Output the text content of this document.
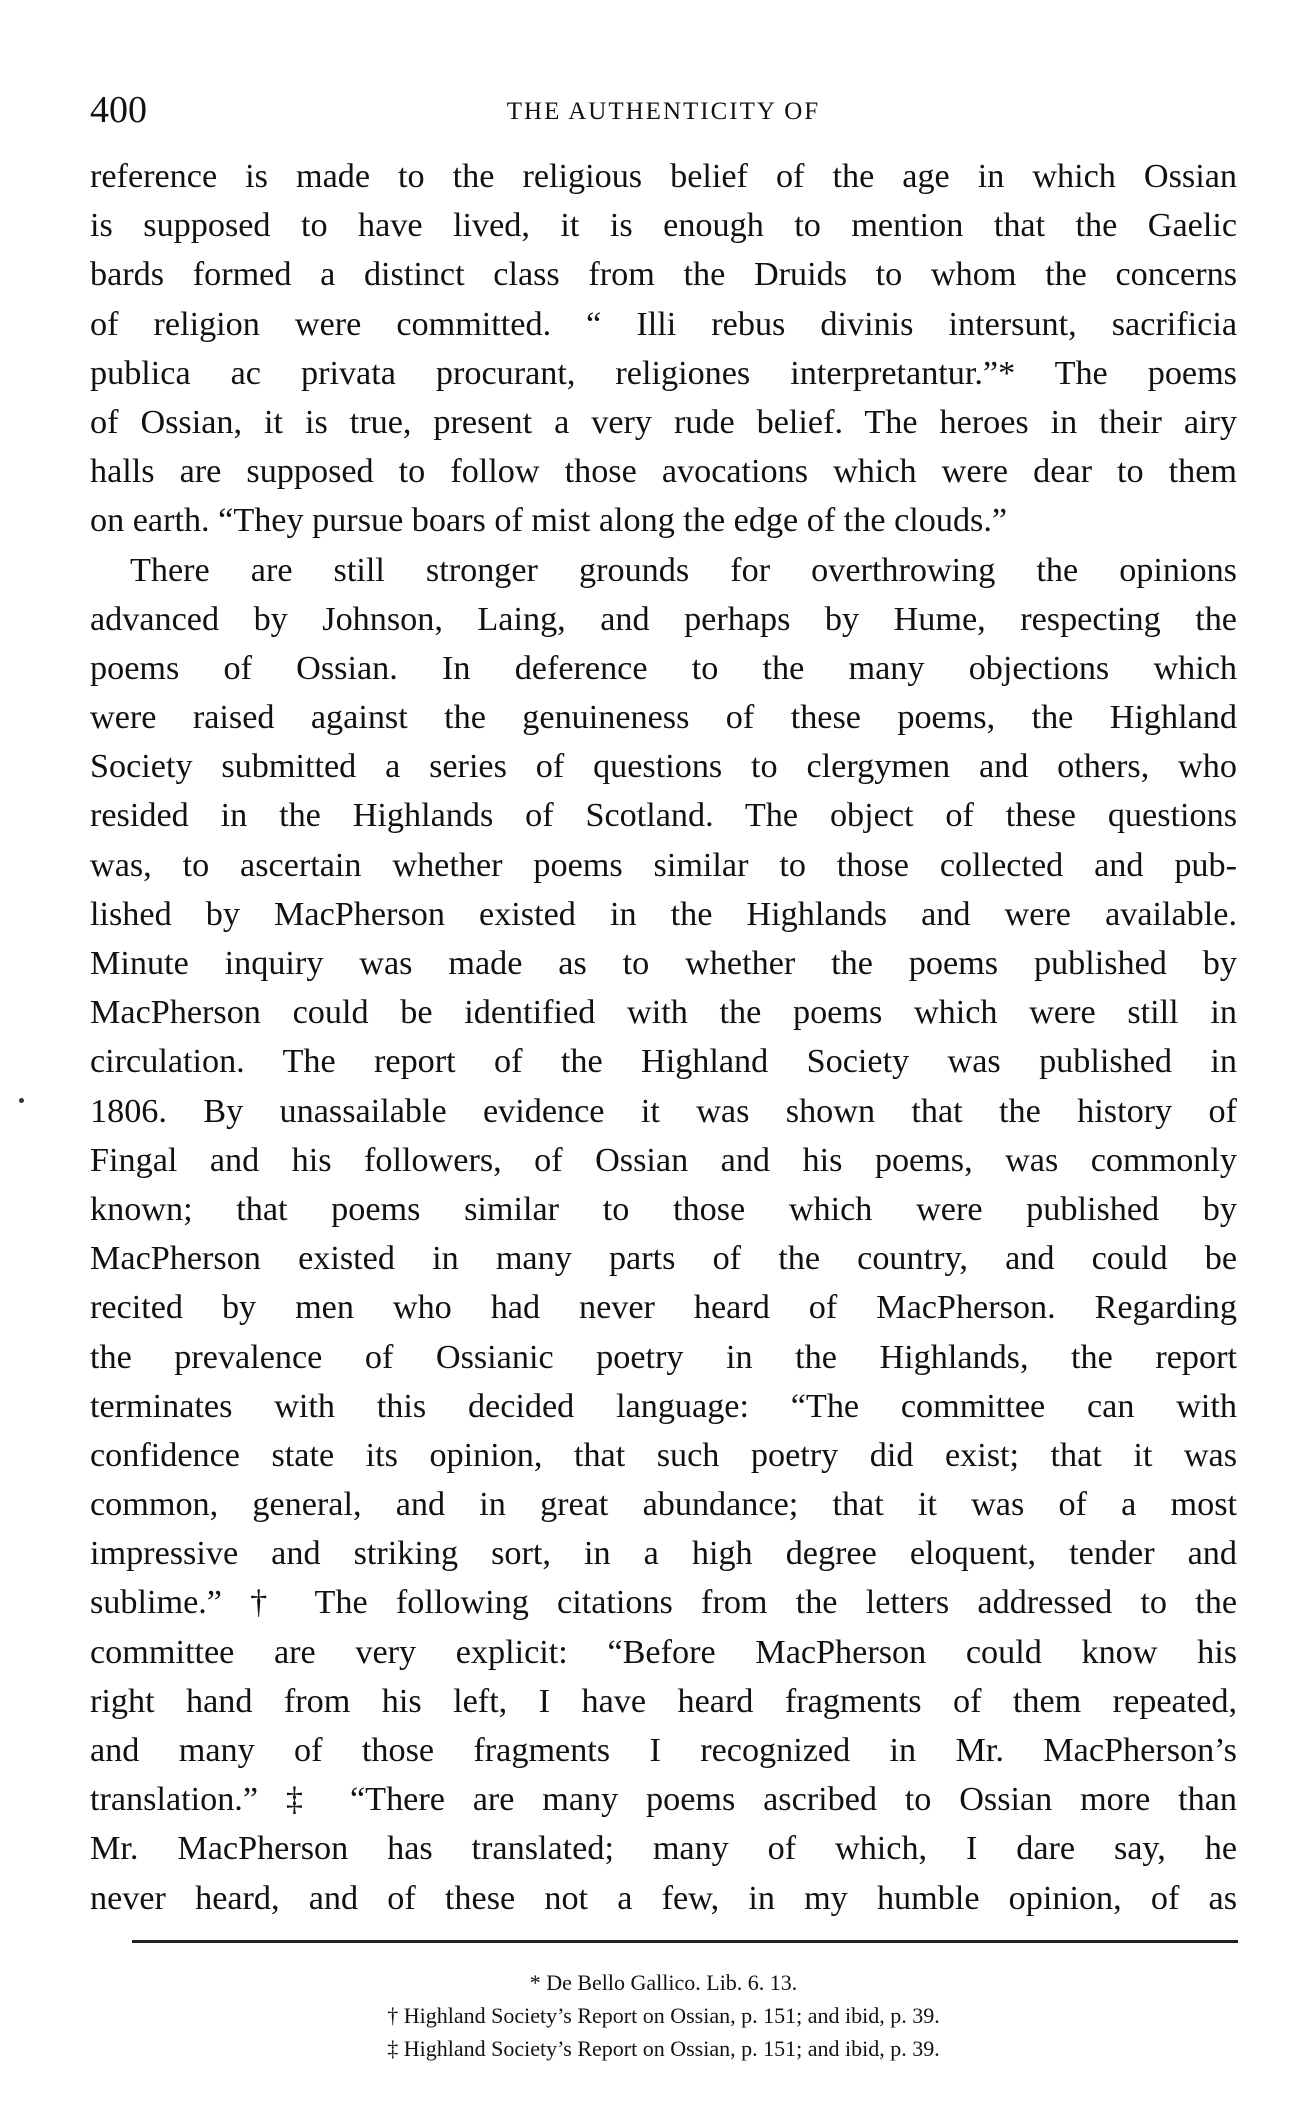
400	THE AUTHENTICITY OF
reference is made to the religious belief of the age in which Ossian
is supposed to have lived, it is enough to mention that the Gaelic
bards formed a distinct class from the Druids to whom the concerns
of religion were committed. “ Illi rebus divinis intersunt, sacrificia
publica ac privata procurant, religiones interpretantur.”* The poems
of Ossian, it is true, present a very rude belief. The heroes in their airy
halls are supposed to follow those avocations which were dear to them
on earth. “They pursue boars of mist along the edge of the clouds.”
There are still stronger grounds for overthrowing the opinions
advanced by Johnson, Laing, and perhaps by Hume, respecting the
poems of Ossian. In deference to the many objections which
were raised against the genuineness of these poems, the Highland
Society submitted a series of questions to clergymen and others, who
resided in the Highlands of Scotland. The object of these questions
was, to ascertain whether poems similar to those collected and pub-
lished by MacPherson existed in the Highlands and were available.
Minute inquiry was made as to whether the poems published by
MacPherson could be identified with the poems which were still in
circulation. The report of the Highland Society was published in
1806. By unassailable evidence it was shown that the history of
Fingal and his followers, of Ossian and his poems, was commonly
known; that poems similar to those which were published by
MacPherson existed in many parts of the country, and could be
recited by men who had never heard of MacPherson. Regarding
the prevalence of Ossianic poetry in the Highlands, the report
terminates with this decided language: “The committee can with
confidence state its opinion, that such poetry did exist; that it was
common, general, and in great abundance; that it was of a most
impressive and striking sort, in a high degree eloquent, tender and
sublime.” † The following citations from the letters addressed to the
committee are very explicit: “Before MacPherson could know his
right hand from his left, I have heard fragments of them repeated,
and many of those fragments I recognized in Mr. MacPherson’s
translation.” ‡ “There are many poems ascribed to Ossian more than
Mr. MacPherson has translated; many of which, I dare say, he
never heard, and of these not a few, in my humble opinion, of as
* De Bello Gallico. Lib. 6. 13.
† Highland Society’s Report on Ossian, p. 151; and ibid, p. 39.
‡ Highland Society’s Report on Ossian, p. 151; and ibid, p. 39.
